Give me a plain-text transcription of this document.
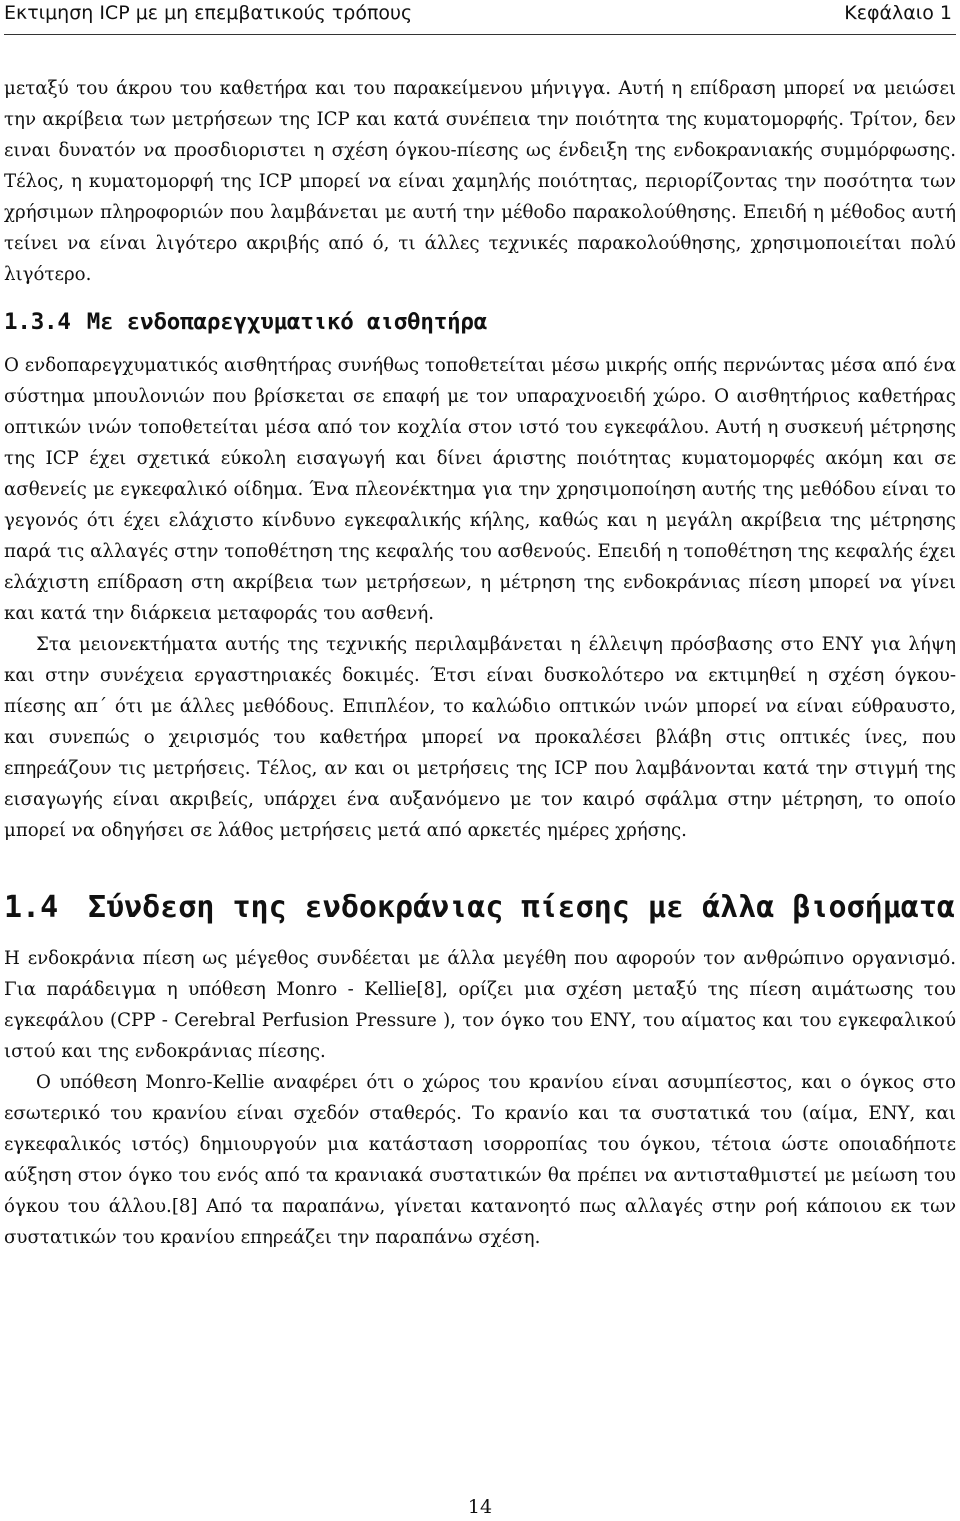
Εκτιμηση ICP με μη επεμβατικούς τρόπους	Κεφάλαιο 1

μεταξύ του άκρου του καθετήρα και του παρακείμενου μήνιγγα. Αυτή η επίδραση μπορεί να μειώσει την ακρίβεια των μετρήσεων της ICP και κατά συνέπεια την ποιότητα της κυματομορφής. Τρίτον, δεν ειναι δυνατόν να προσδιοριστει η σχέση όγκου-πίεσης ως ένδειξη της ενδοκρανιακής συμμόρφωσης. Τέλος, η κυματομορφή της ICP μπορεί να είναι χαμηλής ποιότητας, περιορίζοντας την ποσότητα των χρήσιμων πληροφοριών που λαμβάνεται με αυτή την μέθοδο παρακολούθησης. Επειδή η μέθοδος αυτή τείνει να είναι λιγότερο ακριβής από ό, τι άλλες τεχνικές παρακολούθησης, χρησιμοποιείται πολύ λιγότερο.

1.3.4 Με ενδοπαρεγχυματικό αισθητήρα

Ο ενδοπαρεγχυματικός αισθητήρας συνήθως τοποθετείται μέσω μικρής οπής περνώντας μέσα από ένα σύστημα μπουλονιών που βρίσκεται σε επαφή με τον υπαραχνοειδή χώρο. Ο αισθητήριος καθετήρας οπτικών ινών τοποθετείται μέσα από τον κοχλία στον ιστό του εγκεφάλου. Αυτή η συσκευή μέτρησης της ICP έχει σχετικά εύκολη εισαγωγή και δίνει άριστης ποιότητας κυματομορφές ακόμη και σε ασθενείς με εγκεφαλικό οίδημα. Ένα πλεονέκτημα για την χρησιμοποίηση αυτής της μεθόδου είναι το γεγονός ότι έχει ελάχιστο κίνδυνο εγκεφαλικής κήλης, καθώς και η μεγάλη ακρίβεια της μέτρησης παρά τις αλλαγές στην τοποθέτηση της κεφαλής του ασθενούς. Επειδή η τοποθέτηση της κεφαλής έχει ελάχιστη επίδραση στη ακρίβεια των μετρήσεων, η μέτρηση της ενδοκράνιας πίεση μπορεί να γίνει και κατά την διάρκεια μεταφοράς του ασθενή.

Στα μειονεκτήματα αυτής της τεχνικής περιλαμβάνεται η έλλειψη πρόσβασης στο ΕΝΥ για λήψη και στην συνέχεια εργαστηριακές δοκιμές. Έτσι είναι δυσκολότερο να εκτιμηθεί η σχέση όγκου-πίεσης απ΄ ότι με άλλες μεθόδους. Επιπλέον, το καλώδιο οπτικών ινών μπορεί να είναι εύθραυστο, και συνεπώς ο χειρισμός του καθετήρα μπορεί να προκαλέσει βλάβη στις οπτικές ίνες, που επηρεάζουν τις μετρήσεις. Τέλος, αν και οι μετρήσεις της ICP που λαμβάνονται κατά την στιγμή της εισαγωγής είναι ακριβείς, υπάρχει ένα αυξανόμενο με τον καιρό σφάλμα στην μέτρηση, το οποίο μπορεί να οδηγήσει σε λάθος μετρήσεις μετά από αρκετές ημέρες χρήσης.

1.4 Σύνδεση της ενδοκράνιας πίεσης με άλλα βιοσήματα

Η ενδοκράνια πίεση ως μέγεθος συνδέεται με άλλα μεγέθη που αφορούν τον ανθρώπινο οργανισμό. Για παράδειγμα η υπόθεση Monro - Kellie[8], ορίζει μια σχέση μεταξύ της πίεση αιμάτωσης του εγκεφάλου (CPP - Cerebral Perfusion Pressure ), τον όγκο του ΕΝΥ, του αίματος και του εγκεφαλικού ιστού και της ενδοκράνιας πίεσης.

Ο υπόθεση Monro-Kellie αναφέρει ότι ο χώρος του κρανίου είναι ασυμπίεστος, και ο όγκος στο εσωτερικό του κρανίου είναι σχεδόν σταθερός. Το κρανίο και τα συστατικά του (αίμα, ΕΝΥ, και εγκεφαλικός ιστός) δημιουργούν μια κατάσταση ισορροπίας του όγκου, τέτοια ώστε οποιαδήποτε αύξηση στον όγκο του ενός από τα κρανιακά συστατικών θα πρέπει να αντισταθμιστεί με μείωση του όγκου του άλλου.[8] Από τα παραπάνω, γίνεται κατανοητό πως αλλαγές στην ροή κάποιου εκ των συστατικών του κρανίου επηρεάζει την παραπάνω σχέση.

14
